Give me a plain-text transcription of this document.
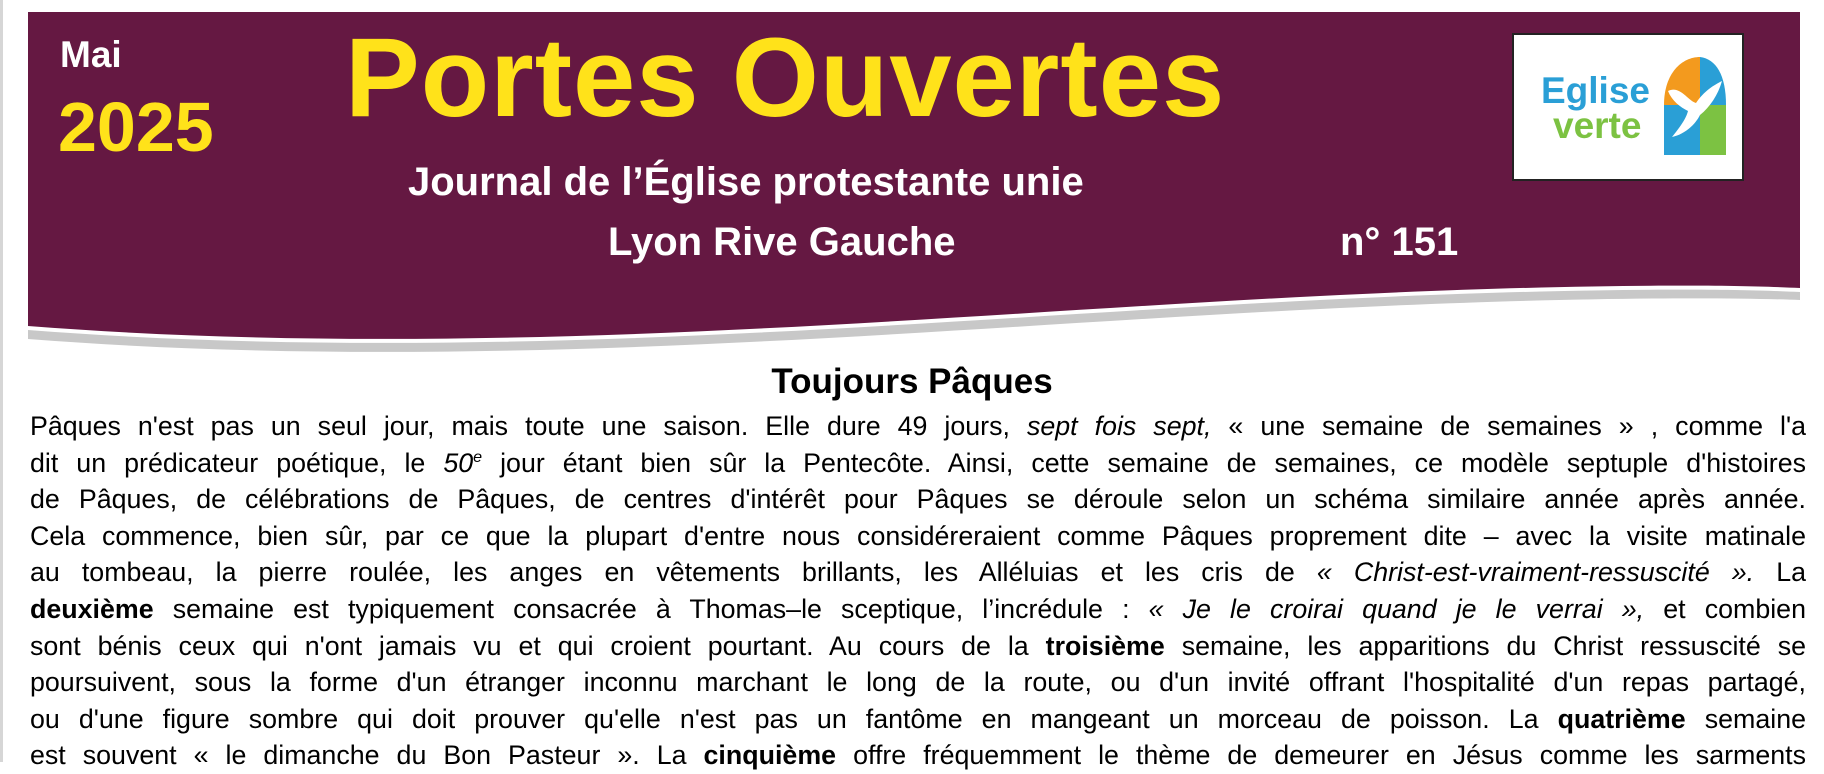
Mai
2025 Portes Ouvertes
Journal de l’Église protestante unie
Lyon Rive Gauche	n° 151
Eglise
verte
Toujours Pâques
Pâques n'est pas un seul jour, mais toute une saison. Elle dure 49 jours, sept fois sept, « une semaine de semaines » , comme l'a
dit un prédicateur poétique, le 50e jour étant bien sûr la Pentecôte. Ainsi, cette semaine de semaines, ce modèle septuple d'histoires
de Pâques, de célébrations de Pâques, de centres d'intérêt pour Pâques se déroule selon un schéma similaire année après année.
Cela commence, bien sûr, par ce que la plupart d'entre nous considéreraient comme Pâques proprement dite – avec la visite matinale
au tombeau, la pierre roulée, les anges en vêtements brillants, les Alléluias et les cris de « Christ-est-vraiment-ressuscité ». La
deuxième semaine est typiquement consacrée à Thomas–le sceptique, l’incrédule : « Je le croirai quand je le verrai », et combien
sont bénis ceux qui n'ont jamais vu et qui croient pourtant. Au cours de la troisième semaine, les apparitions du Christ ressuscité se
poursuivent, sous la forme d'un étranger inconnu marchant le long de la route, ou d'un invité offrant l'hospitalité d'un repas partagé,
ou d'une figure sombre qui doit prouver qu'elle n'est pas un fantôme en mangeant un morceau de poisson. La quatrième semaine
est souvent « le dimanche du Bon Pasteur ». La cinquième offre fréquemment le thème de demeurer en Jésus comme les sarments
